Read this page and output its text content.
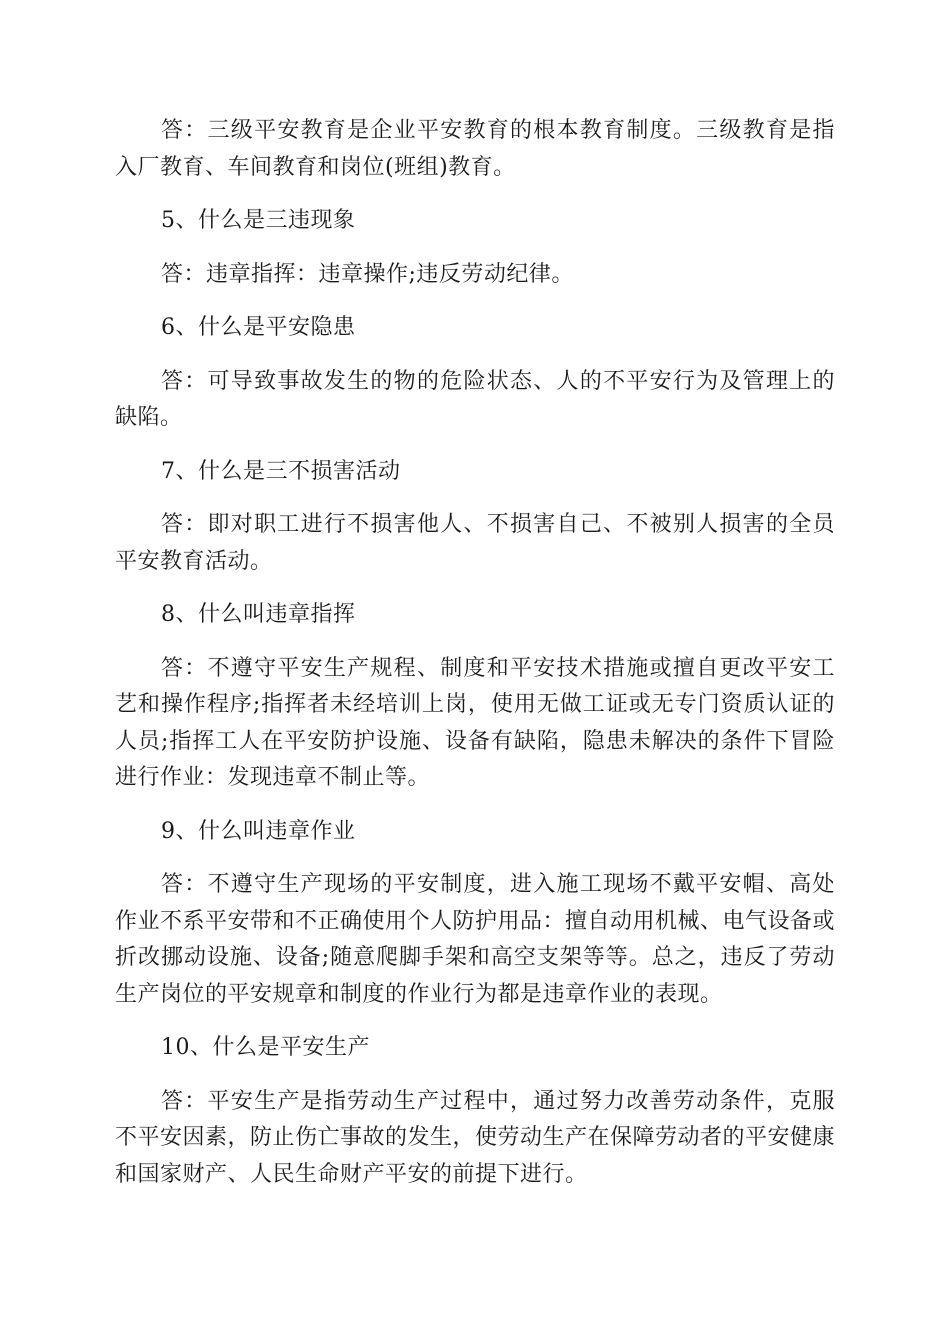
答：三级平安教育是企业平安教育的根本教育制度。三级教育是指入厂教育、车间教育和岗位(班组)教育。

5、什么是三违现象

答：违章指挥：违章操作;违反劳动纪律。

6、什么是平安隐患

答：可导致事故发生的物的危险状态、人的不平安行为及管理上的缺陷。

7、什么是三不损害活动

答：即对职工进行不损害他人、不损害自己、不被别人损害的全员平安教育活动。

8、什么叫违章指挥

答：不遵守平安生产规程、制度和平安技术措施或擅自更改平安工艺和操作程序;指挥者未经培训上岗，使用无做工证或无专门资质认证的人员;指挥工人在平安防护设施、设备有缺陷，隐患未解决的条件下冒险进行作业：发现违章不制止等。

9、什么叫违章作业

答：不遵守生产现场的平安制度，进入施工现场不戴平安帽、高处作业不系平安带和不正确使用个人防护用品：擅自动用机械、电气设备或折改挪动设施、设备;随意爬脚手架和高空支架等等。总之，违反了劳动生产岗位的平安规章和制度的作业行为都是违章作业的表现。

10、什么是平安生产

答：平安生产是指劳动生产过程中，通过努力改善劳动条件，克服不平安因素，防止伤亡事故的发生，使劳动生产在保障劳动者的平安健康和国家财产、人民生命财产平安的前提下进行。
